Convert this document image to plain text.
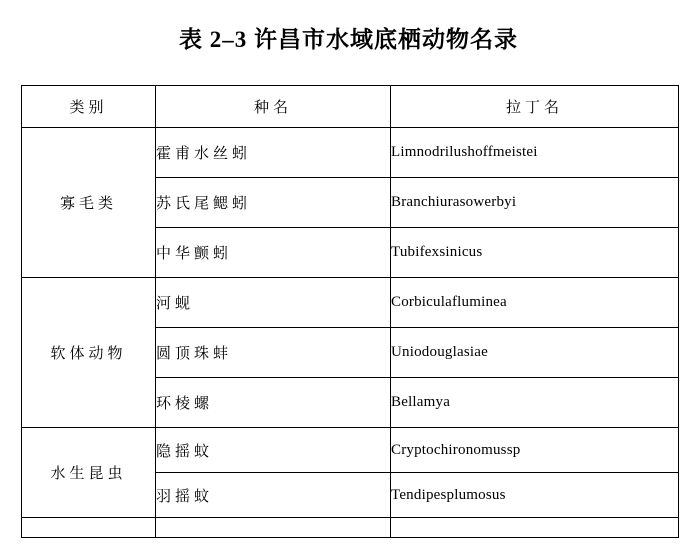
表 2–3 许昌市水域底栖动物名录
类别	种名	拉丁名
寡毛类	霍甫水丝蚓	Limnodrilushoffmeistei
	苏氏尾鳃蚓	Branchiurasowerbyi
	中华颤蚓	Tubifexsinicus
软体动物	河蚬	Corbiculafluminea
	圆顶珠蚌	Uniodouglasiae
	环棱螺	Bellamya
水生昆虫	隐摇蚊	Cryptochironomussp
	羽摇蚊	Tendipesplumosus
